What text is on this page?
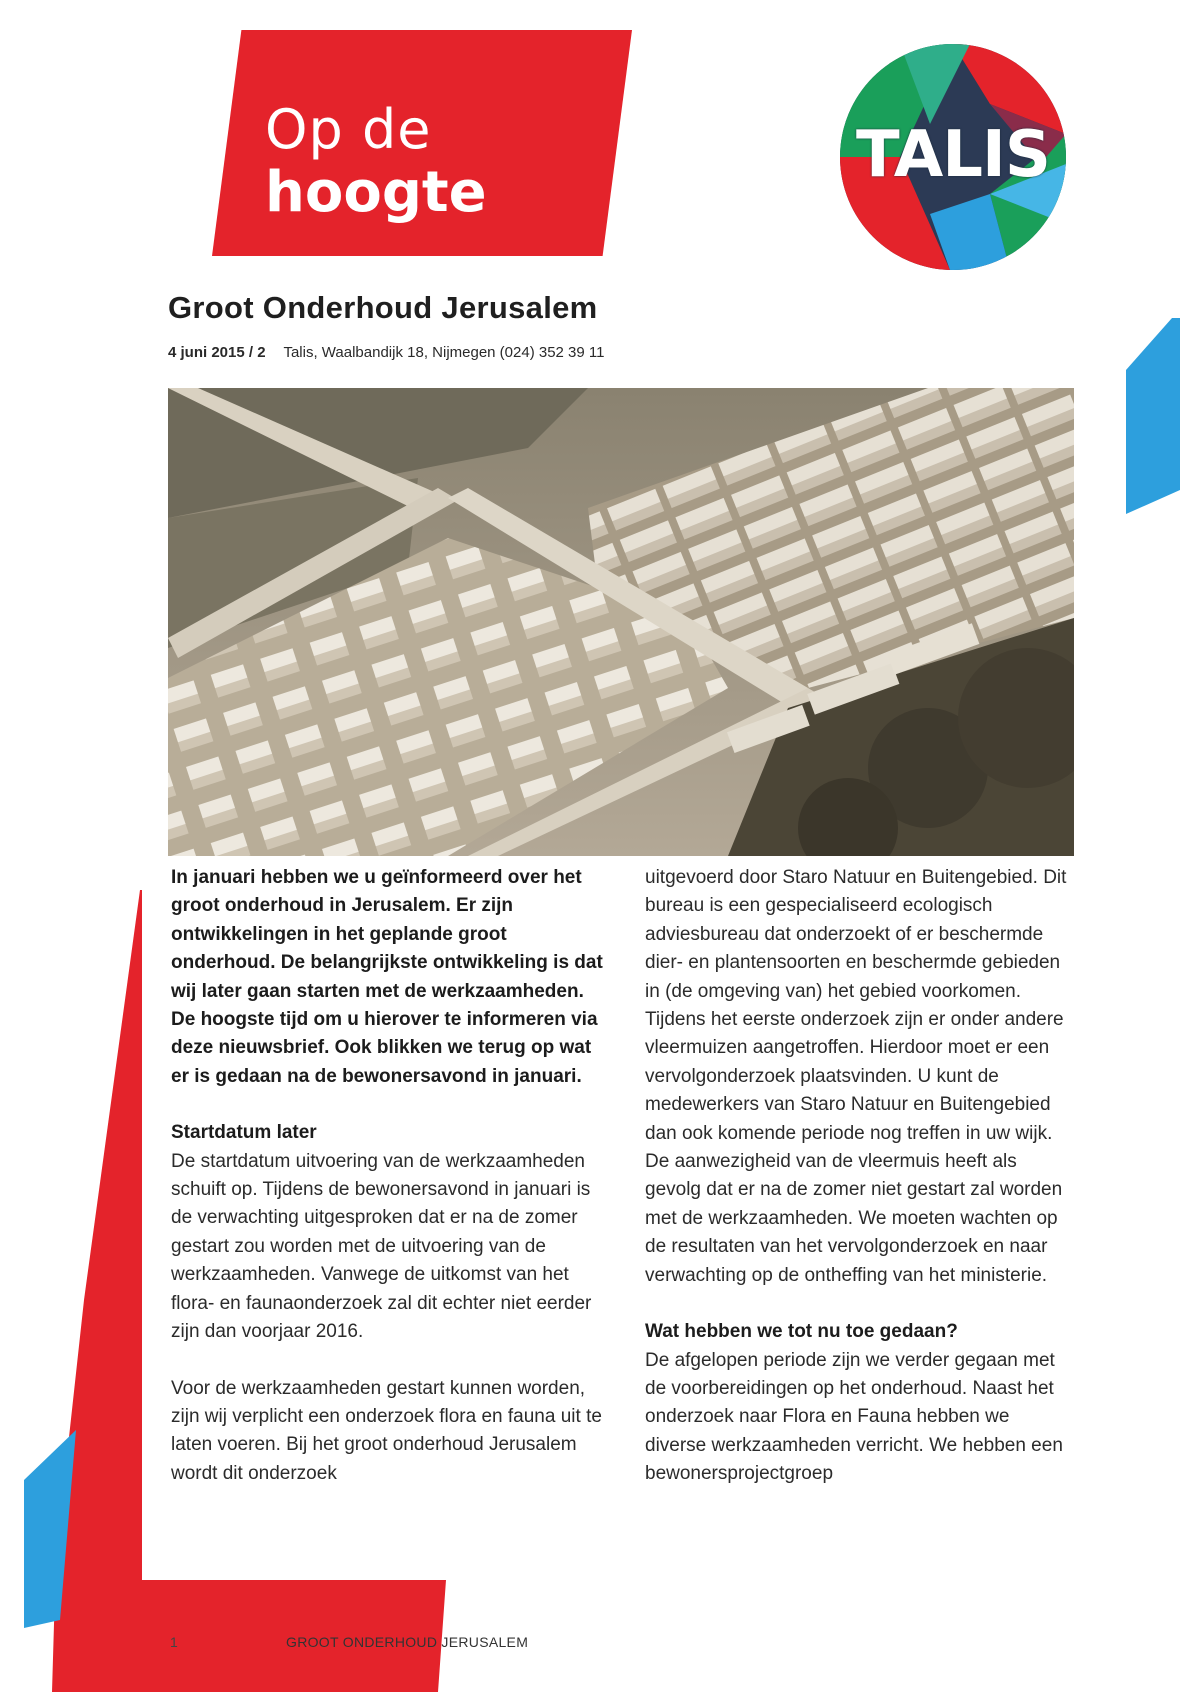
Op de
hoogte
TALIS
Groot Onderhoud Jerusalem
4 juni 2015 / 2 Talis, Waalbandijk 18, Nijmegen (024) 352 39 11

In januari hebben we u geïnformeerd over het groot onderhoud in Jerusalem. Er zijn ontwikkelingen in het geplande groot onderhoud. De belangrijkste ontwikkeling is dat wij later gaan starten met de werkzaamheden. De hoogste tijd om u hierover te informeren via deze nieuwsbrief. Ook blikken we terug op wat er is gedaan na de bewonersavond in januari.

Startdatum later

De startdatum uitvoering van de werkzaamheden schuift op. Tijdens de bewonersavond in januari is de verwachting uitgesproken dat er na de zomer gestart zou worden met de uitvoering van de werkzaamheden. Vanwege de uitkomst van het flora- en faunaonderzoek zal dit echter niet eerder zijn dan voorjaar 2016.

Voor de werkzaamheden gestart kunnen worden, zijn wij verplicht een onderzoek flora en fauna uit te laten voeren. Bij het groot onderhoud Jerusalem wordt dit onderzoek

uitgevoerd door Staro Natuur en Buitengebied. Dit bureau is een gespecialiseerd ecologisch adviesbureau dat onderzoekt of er beschermde dier- en plantensoorten en beschermde gebieden in (de omgeving van) het gebied voorkomen. Tijdens het eerste onderzoek zijn er onder andere vleermuizen aangetroffen. Hierdoor moet er een vervolgonderzoek plaatsvinden. U kunt de medewerkers van Staro Natuur en Buitengebied dan ook komende periode nog treffen in uw wijk. De aanwezigheid van de vleermuis heeft als gevolg dat er na de zomer niet gestart zal worden met de werkzaamheden. We moeten wachten op de resultaten van het vervolgonderzoek en naar verwachting op de ontheffing van het ministerie.

Wat hebben we tot nu toe gedaan?

De afgelopen periode zijn we verder gegaan met de voorbereidingen op het onderhoud. Naast het onderzoek naar Flora en Fauna hebben we diverse werkzaamheden verricht. We hebben een bewonersprojectgroep

1	GROOT ONDERHOUD JERUSALEM
